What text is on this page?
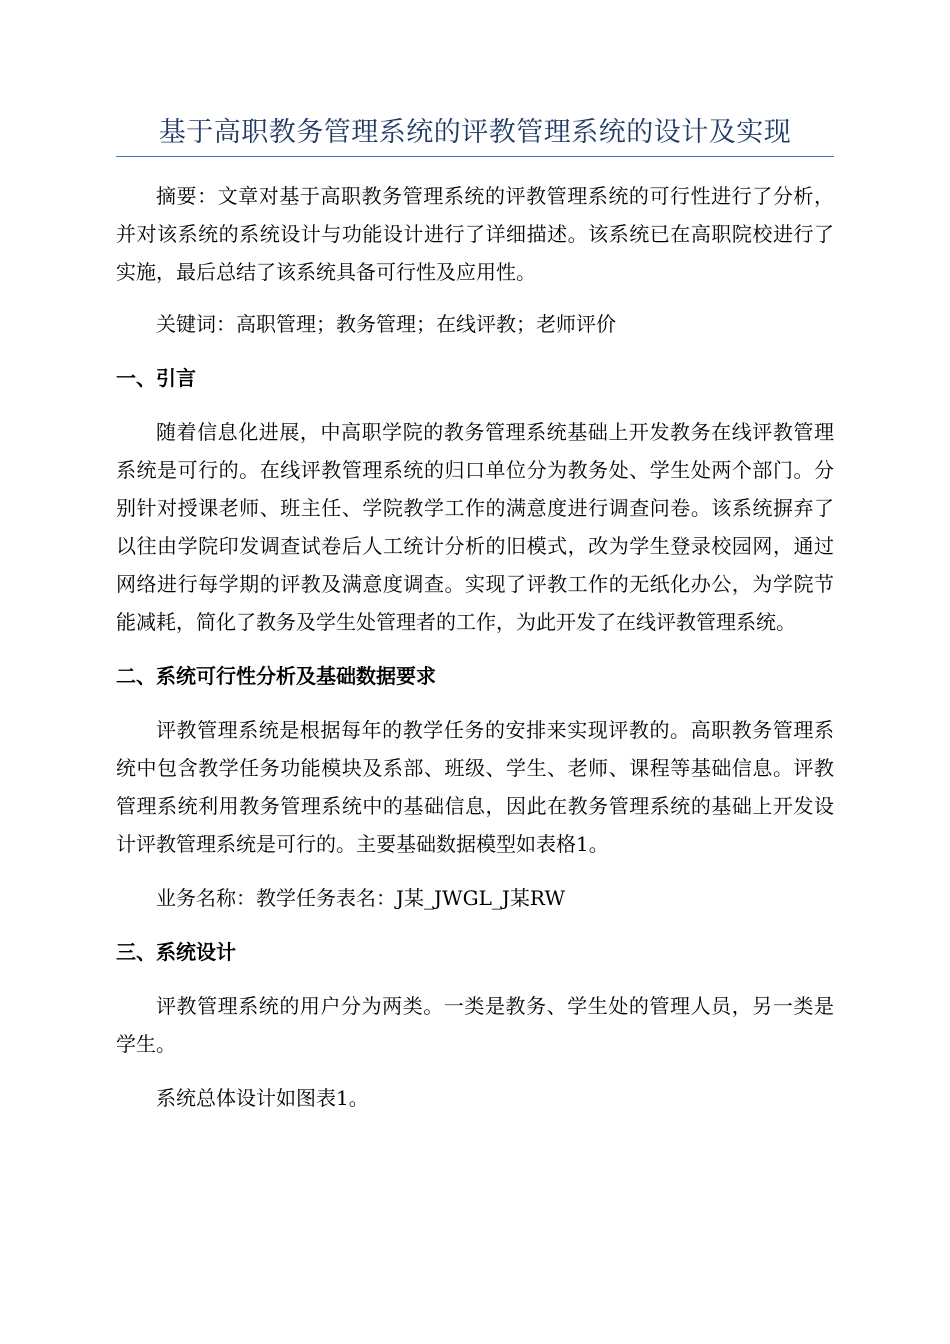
基于高职教务管理系统的评教管理系统的设计及实现

摘要：文章对基于高职教务管理系统的评教管理系统的可行性进行了分析，并对该系统的系统设计与功能设计进行了详细描述。该系统已在高职院校进行了实施，最后总结了该系统具备可行性及应用性。

关键词：高职管理；教务管理；在线评教；老师评价

一、引言

随着信息化进展，中高职学院的教务管理系统基础上开发教务在线评教管理系统是可行的。在线评教管理系统的归口单位分为教务处、学生处两个部门。分别针对授课老师、班主任、学院教学工作的满意度进行调查问卷。该系统摒弃了以往由学院印发调查试卷后人工统计分析的旧模式，改为学生登录校园网，通过网络进行每学期的评教及满意度调查。实现了评教工作的无纸化办公，为学院节能减耗，简化了教务及学生处管理者的工作，为此开发了在线评教管理系统。

二、系统可行性分析及基础数据要求

评教管理系统是根据每年的教学任务的安排来实现评教的。高职教务管理系统中包含教学任务功能模块及系部、班级、学生、老师、课程等基础信息。评教管理系统利用教务管理系统中的基础信息，因此在教务管理系统的基础上开发设计评教管理系统是可行的。主要基础数据模型如表格1。

业务名称：教学任务表名：J某_JWGL_J某RW

三、系统设计

评教管理系统的用户分为两类。一类是教务、学生处的管理人员，另一类是学生。

系统总体设计如图表1。
